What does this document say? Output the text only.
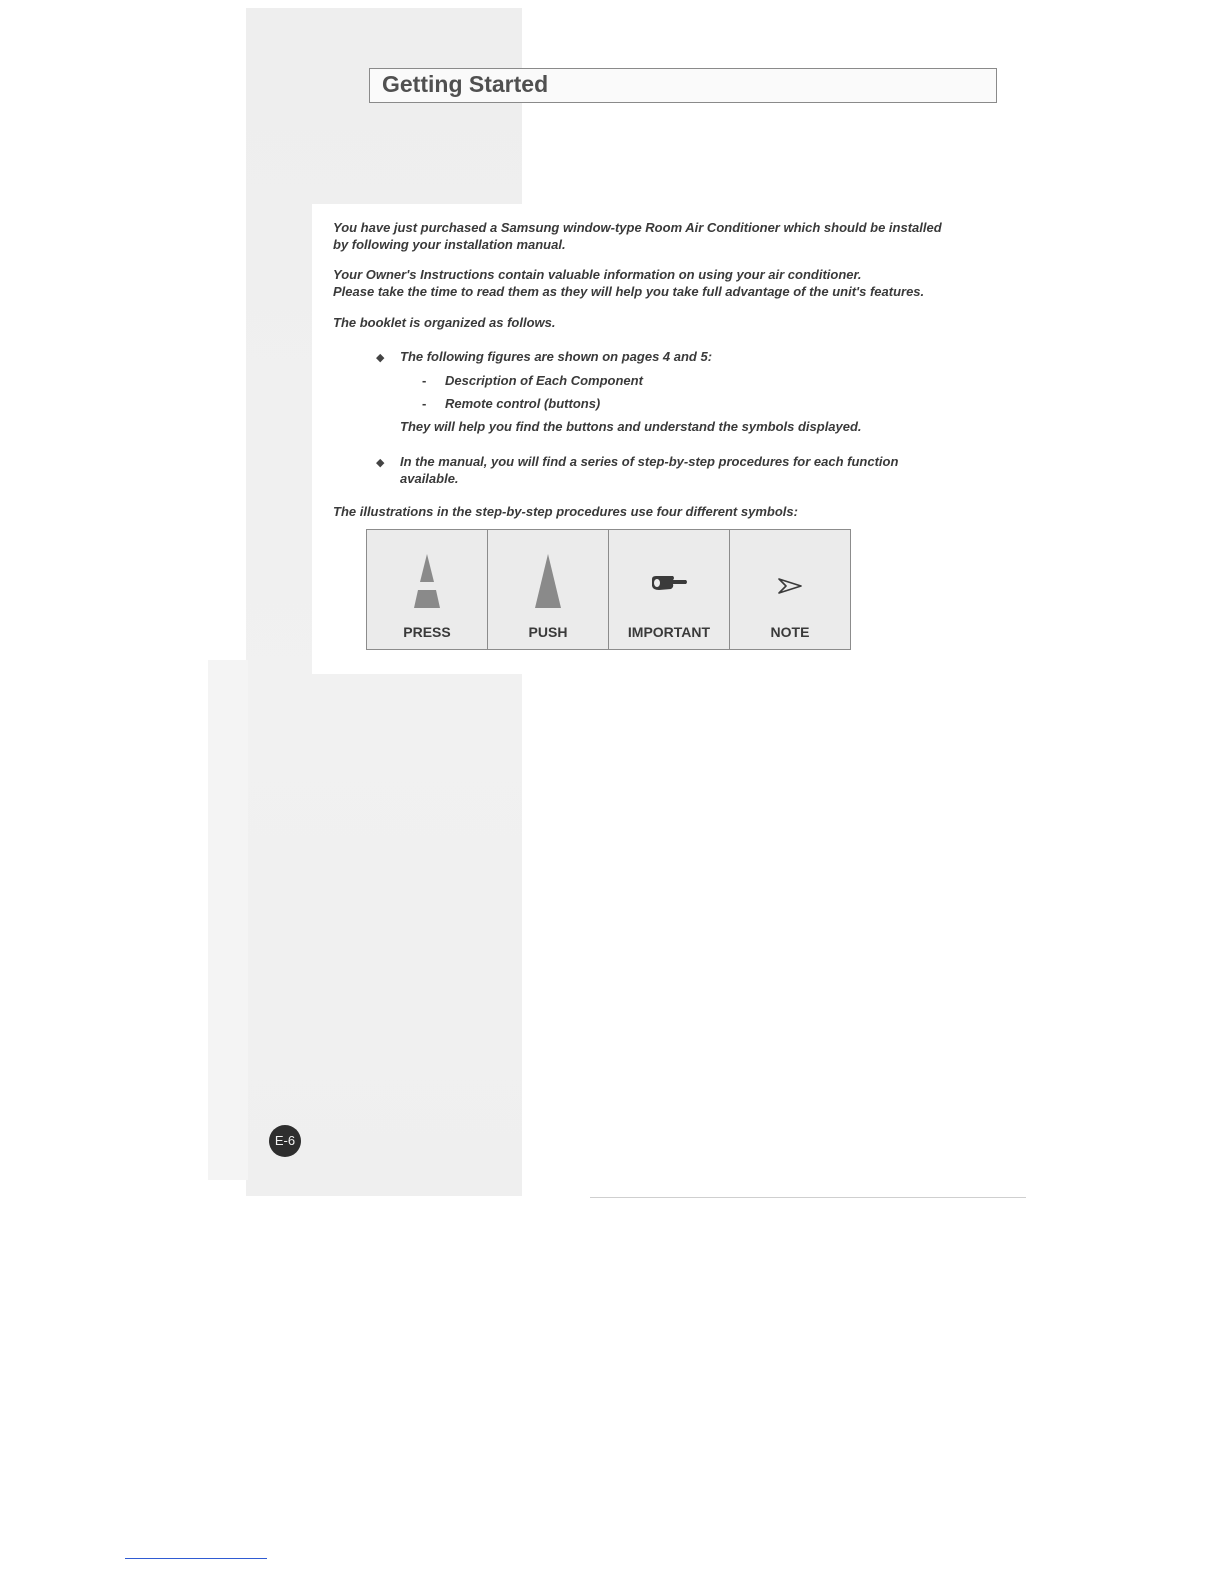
Getting Started
You have just purchased a Samsung window-type Room Air Conditioner which should be installed
by following your installation manual.
Your Owner's Instructions contain valuable information on using your air conditioner.
Please take the time to read them as they will help you take full advantage of the unit's features.
The booklet is organized as follows.
◆ The following figures are shown on pages 4 and 5:
- Description of Each Component
- Remote control (buttons)
They will help you find the buttons and understand the symbols displayed.
◆ In the manual, you will find a series of step-by-step procedures for each function
available.
The illustrations in the step-by-step procedures use four different symbols:
PRESS	PUSH	IMPORTANT	NOTE
E-6
